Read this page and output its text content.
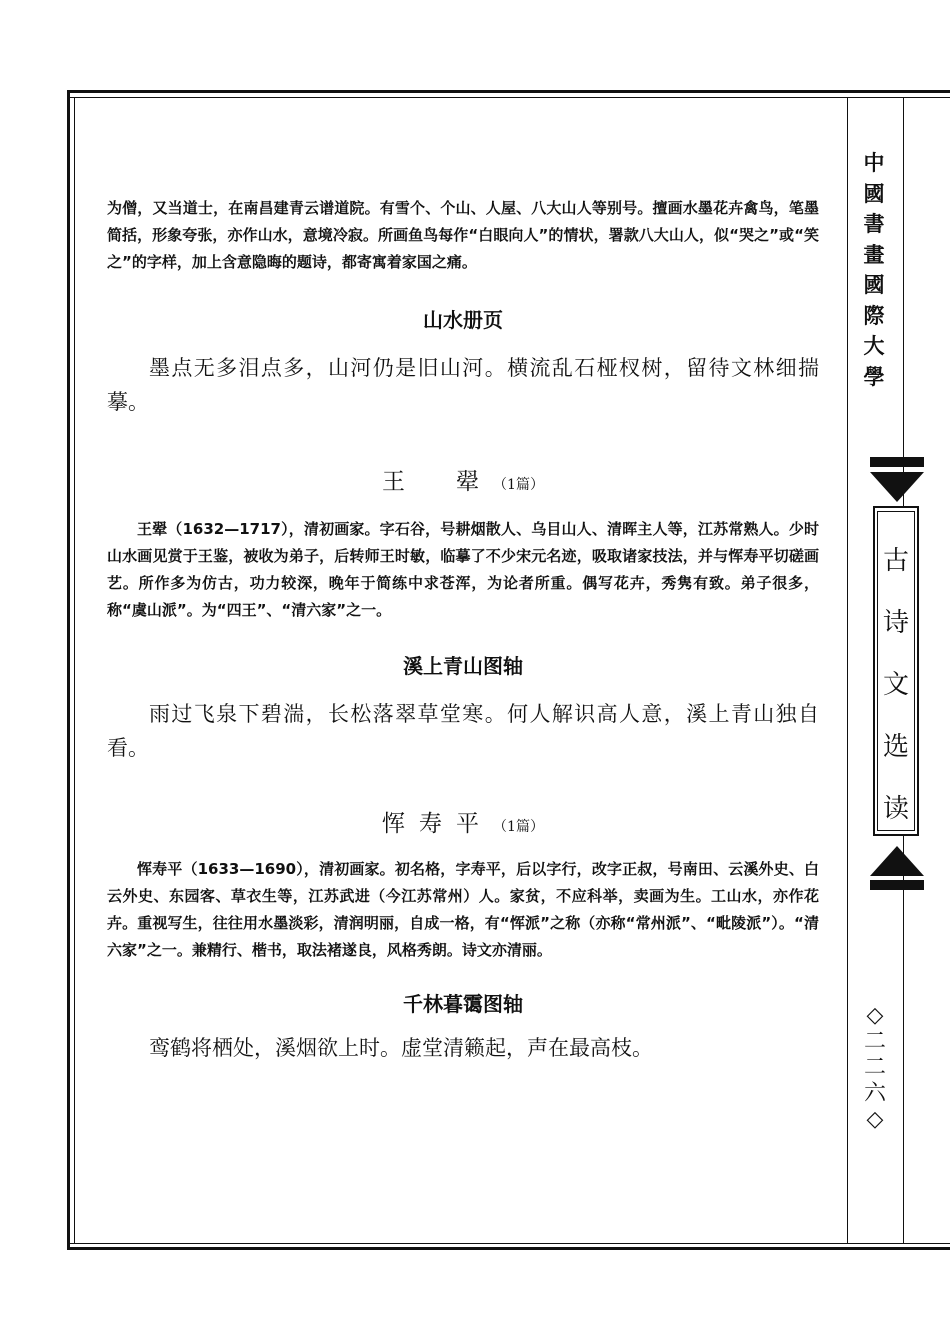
中國書畫國際大學
古诗文选读
◇二二六◇

为僧，又当道士，在南昌建青云谱道院。有雪个、个山、人屋、八大山人等别号。擅画水墨花卉禽鸟，笔墨简括，形象夸张，亦作山水，意境冷寂。所画鱼鸟每作“白眼向人”的情状，署款八大山人，似“哭之”或“笑之”的字样，加上含意隐晦的题诗，都寄寓着家国之痛。

山水册页

墨点无多泪点多，山河仍是旧山河。横流乱石桠杈树，留待文林细揣摹。

王　翚（1篇）

王翚（1632—1717），清初画家。字石谷，号耕烟散人、乌目山人、清晖主人等，江苏常熟人。少时山水画见赏于王鉴，被收为弟子，后转师王时敏，临摹了不少宋元名迹，吸取诸家技法，并与恽寿平切磋画艺。所作多为仿古，功力较深，晚年于简练中求苍浑，为论者所重。偶写花卉，秀隽有致。弟子很多，称“虞山派”。为“四王”、“清六家”之一。

溪上青山图轴

雨过飞泉下碧湍，长松落翠草堂寒。何人解识高人意，溪上青山独自看。

恽寿平（1篇）

恽寿平（1633—1690），清初画家。初名格，字寿平，后以字行，改字正叔，号南田、云溪外史、白云外史、东园客、草衣生等，江苏武进（今江苏常州）人。家贫，不应科举，卖画为生。工山水，亦作花卉。重视写生，往往用水墨淡彩，清润明丽，自成一格，有“恽派”之称（亦称“常州派”、“毗陵派”）。“清六家”之一。兼精行、楷书，取法褚遂良，风格秀朗。诗文亦清丽。

千林暮霭图轴

鸾鹤将栖处，溪烟欲上时。虚堂清籁起，声在最高枝。
